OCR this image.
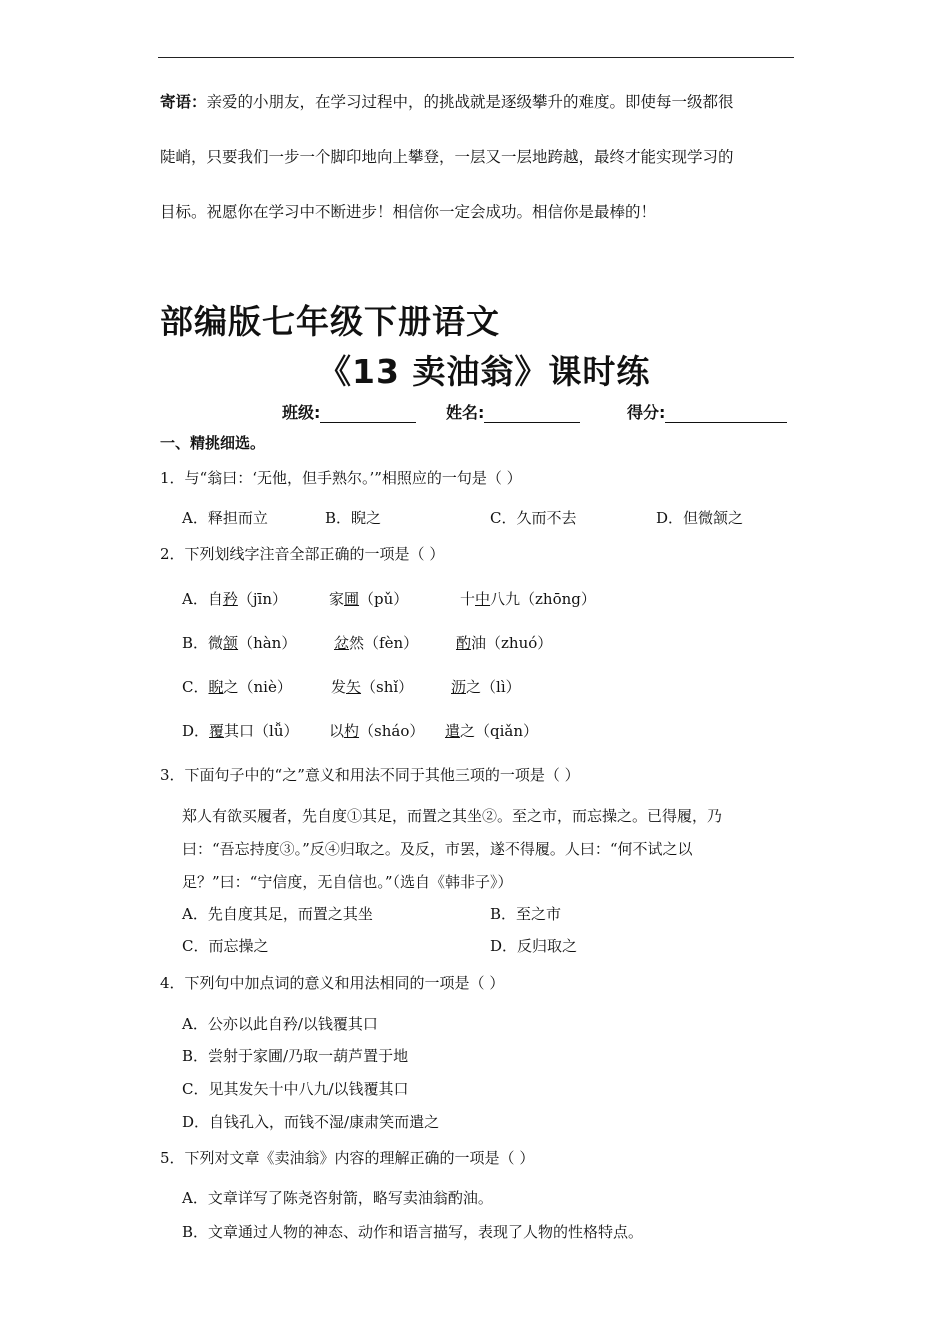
寄语：亲爱的小朋友，在学习过程中，的挑战就是逐级攀升的难度。即使每一级都很
陡峭，只要我们一步一个脚印地向上攀登，一层又一层地跨越，最终才能实现学习的
目标。祝愿你在学习中不断进步！相信你一定会成功。相信你是最棒的！
部编版七年级下册语文
《13 卖油翁》课时练
班级:	姓名:	得分:
一、精挑细选。
1．与“翁曰：‘无他，但手熟尔。’”相照应的一句是（ ）
A．释担而立	B．睨之	C．久而不去	D．但微颔之
2．下列划线字注音全部正确的一项是（ ）
A．自矜（jīn）	家圃（pǔ）	十中八九（zhōng）
B．微颔（hàn）	忿然（fèn）	酌油（zhuó）
C．睨之（niè）	发矢（shǐ）	沥之（lì）
D．覆其口（lǚ） 以杓（sháo） 遣之（qiǎn）
3．下面句子中的“之”意义和用法不同于其他三项的一项是（ ）
郑人有欲买履者，先自度①其足，而置之其坐②。至之市，而忘操之。已得履，乃
曰：“吾忘持度③。”反④归取之。及反，市罢，遂不得履。人曰：“何不试之以
足？”曰：“宁信度，无自信也。”（选自《韩非子》）
A．先自度其足，而置之其坐	B．至之市
C．而忘操之	D．反归取之
4．下列句中加点词的意义和用法相同的一项是（ ）
A．公亦以此自矜/以钱覆其口
B．尝射于家圃/乃取一葫芦置于地
C．见其发矢十中八九/以钱覆其口
D．自钱孔入，而钱不湿/康肃笑而遣之
5．下列对文章《卖油翁》内容的理解正确的一项是（ ）
A．文章详写了陈尧咨射箭，略写卖油翁酌油。
B．文章通过人物的神态、动作和语言描写，表现了人物的性格特点。
